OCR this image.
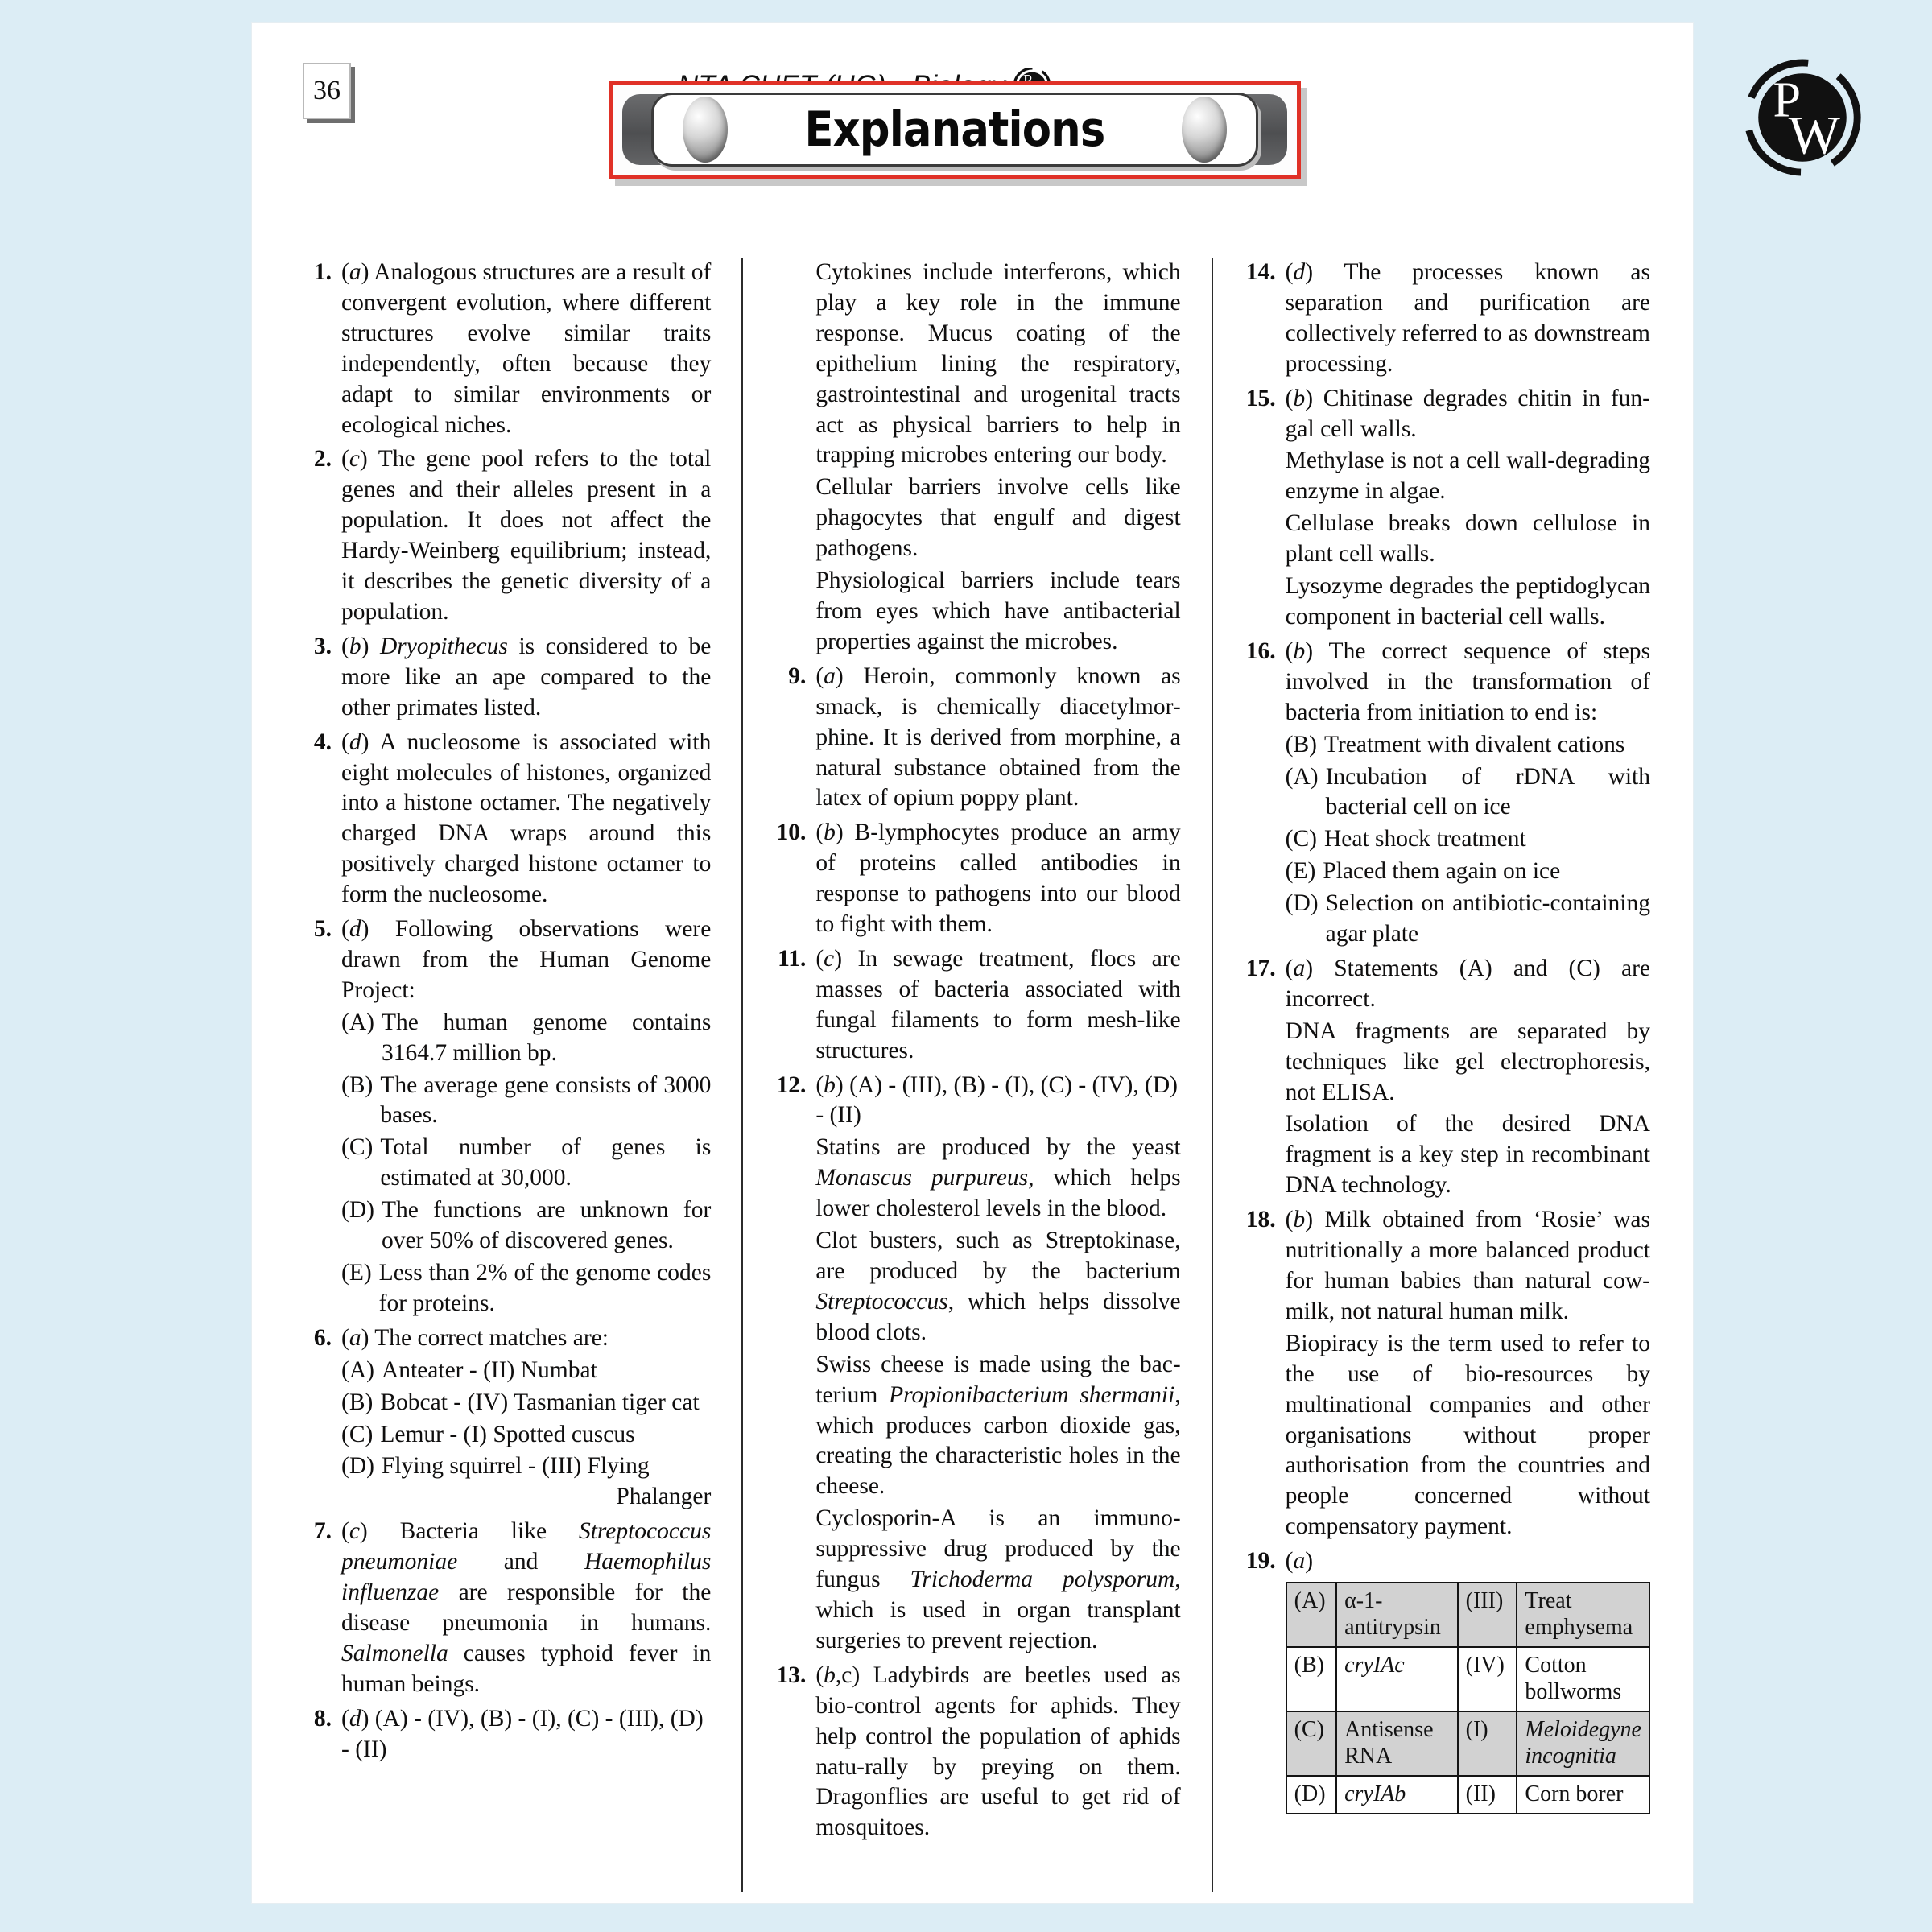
36	P
W
Explanations
1. (a) Analogous structures are a result of convergent evolution, where different structures evolve similar traits independently, often because they adapt to similar environments or ecological niches.

2. (c) The gene pool refers to the total genes and their alleles present in a population. It does not affect the Hardy-Weinberg equilibrium; instead, it describes the genetic diversity of a population.

3. (b) Dryopithecus is considered to be more like an ape compared to the other primates listed.

4. (d) A nucleosome is associated with eight molecules of histones, organized into a histone octamer. The negatively charged DNA wraps around this positively charged histone octamer to form the nucleosome.

5. (d) Following observations were drawn from the Human Genome Project:

(A) The human genome contains 3164.7 million bp.
(B) The average gene consists of 3000 bases.
(C) Total number of genes is estimated at 30,000.
(D) The functions are unknown for over 50% of discovered genes.
(E) Less than 2% of the genome codes for proteins.
6. (a) The correct matches are:

(A) Anteater - (II) Numbat
(B) Bobcat - (IV) Tasmanian tiger cat
(C) Lemur - (I) Spotted cuscus
(D) Flying squirrel - (III) Flying
Phalanger
7. (c) Bacteria like Streptococcus pneumoniae and Haemophilus influenzae are responsible for the disease pneumonia in humans. Salmonella causes typhoid fever in human beings.

8. (d) (A) - (IV), (B) - (I), (C) - (III), (D) - (II)

Cytokines include interferons, which play a key role in the immune response. Mucus coating of the epithelium lining the respiratory, gastrointestinal and urogenital tracts act as physical barriers to help in trapping microbes entering our body.

Cellular barriers involve cells like phagocytes that engulf and digest pathogens.

Physiological barriers include tears from eyes which have antibacterial properties against the microbes.

9. (a) Heroin, commonly known as smack, is chemically diacetylmor-phine. It is derived from morphine, a natural substance obtained from the latex of opium poppy plant.

10. (b) B-lymphocytes produce an army of proteins called antibodies in response to pathogens into our blood to fight with them.

11. (c) In sewage treatment, flocs are masses of bacteria associated with fungal filaments to form mesh-like structures.

12. (b) (A) - (III), (B) - (I), (C) - (IV), (D) - (II)

Statins are produced by the yeast Monascus purpureus, which helps lower cholesterol levels in the blood.

Clot busters, such as Streptokinase, are produced by the bacterium Streptococcus, which helps dissolve blood clots.

Swiss cheese is made using the bac-terium Propionibacterium shermanii, which produces carbon dioxide gas, creating the characteristic holes in the cheese.

Cyclosporin-A is an immuno-suppressive drug produced by the fungus Trichoderma polysporum, which is used in organ transplant surgeries to prevent rejection.

13. (b,c) Ladybirds are beetles used as bio-control agents for aphids. They help control the population of aphids natu-rally by preying on them. Dragonflies are useful to get rid of mosquitoes.

14. (d) The processes known as separation and purification are collectively referred to as downstream processing.

15. (b) Chitinase degrades chitin in fun-gal cell walls.

Methylase is not a cell wall-degrading enzyme in algae.

Cellulase breaks down cellulose in plant cell walls.

Lysozyme degrades the peptidoglycan component in bacterial cell walls.

16. (b) The correct sequence of steps involved in the transformation of bacteria from initiation to end is:

(B) Treatment with divalent cations
(A) Incubation of rDNA with bacterial cell on ice
(C) Heat shock treatment
(E) Placed them again on ice
(D) Selection on antibiotic-containing agar plate
17. (a) Statements (A) and (C) are incorrect.

DNA fragments are separated by techniques like gel electrophoresis, not ELISA.

Isolation of the desired DNA fragment is a key step in recombinant DNA technology.

18. (b) Milk obtained from ‘Rosie’ was nutritionally a more balanced product for human babies than natural cow-milk, not natural human milk.

Biopiracy is the term used to refer to the use of bio-resources by multinational companies and other organisations without proper authorisation from the countries and people concerned without compensatory payment.

19. (a)

(A)	α-1-antitrypsin	(III)	Treat emphysema
(B)	cryIAc	(IV)	Cotton bollworms
(C)	Antisense RNA	(I)	Meloidegyne incognitia
(D)	cryIAb	(II)	Corn borer
